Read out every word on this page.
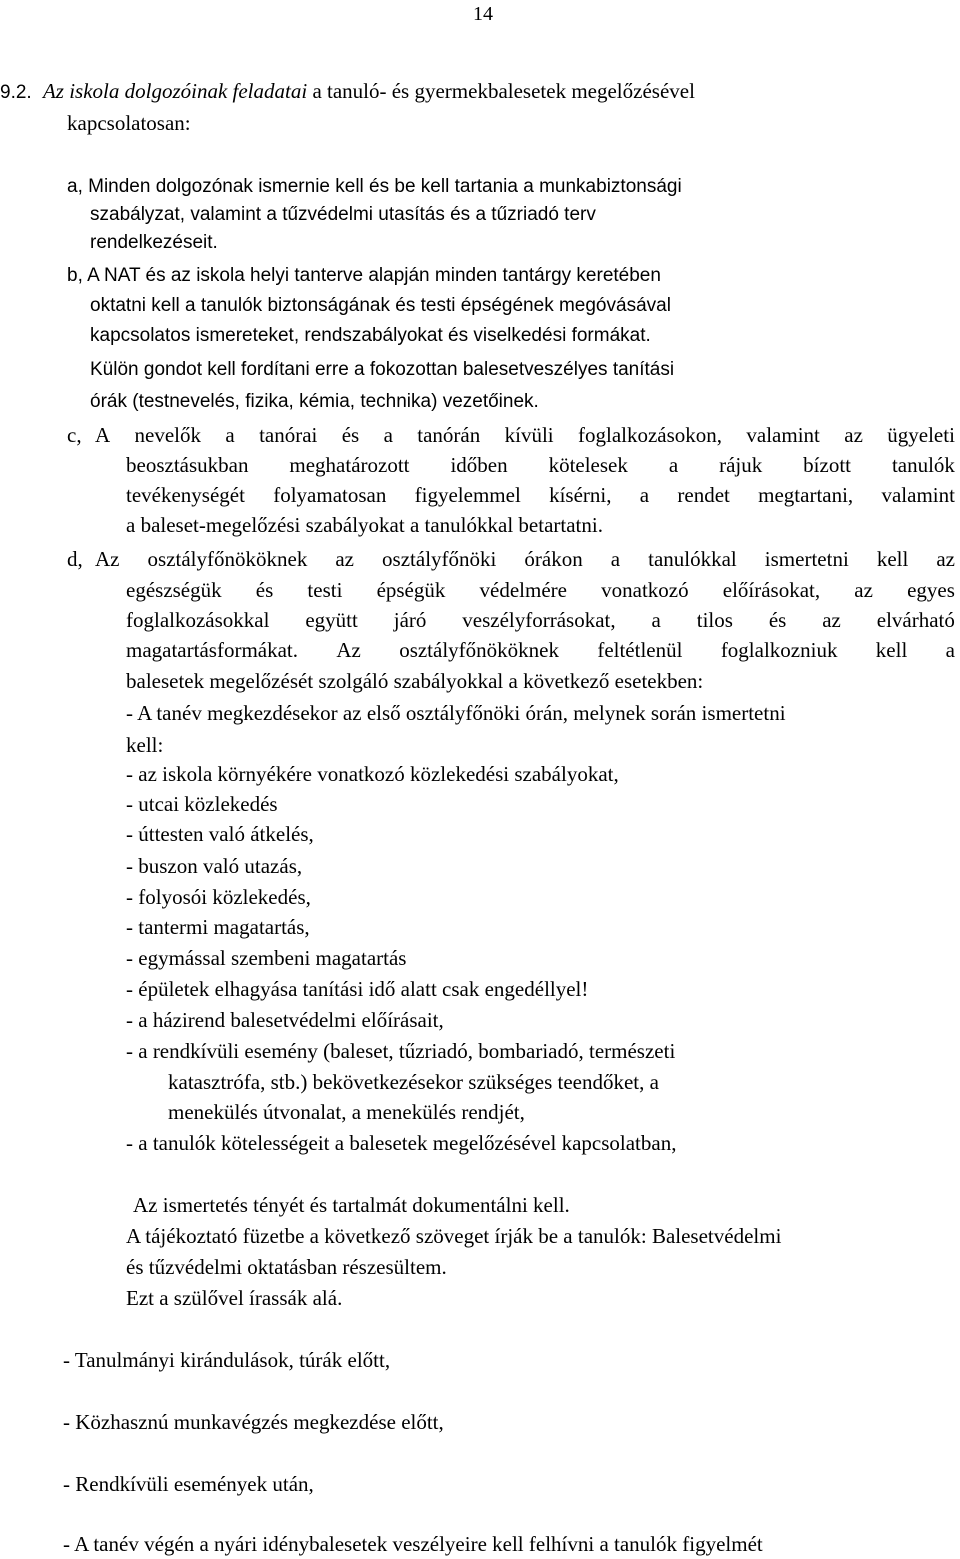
14
9.2. Az iskola dolgozóinak feladatai a tanuló- és gyermekbalesetek megelőzésével
kapcsolatosan:
a, Minden dolgozónak ismernie kell és be kell tartania a munkabiztonsági
szabályzat, valamint a tűzvédelmi utasítás és a tűzriadó terv
rendelkezéseit.
b, A NAT és az iskola helyi tanterve alapján minden tantárgy keretében
oktatni kell a tanulók biztonságának és testi épségének megóvásával
kapcsolatos ismereteket, rendszabályokat és viselkedési formákat.
Külön gondot kell fordítani erre a fokozottan balesetveszélyes tanítási
órák (testnevelés, fizika, kémia, technika) vezetőinek.
c, A nevelők a tanórai és a tanórán kívüli foglalkozásokon, valamint az ügyeleti
beosztásukban meghatározott időben kötelesek a rájuk bízott tanulók
tevékenységét folyamatosan figyelemmel kísérni, a rendet megtartani, valamint
a baleset-megelőzési szabályokat a tanulókkal betartatni.
d, Az osztályfőnököknek az osztályfőnöki órákon a tanulókkal ismertetni kell az
egészségük és testi épségük védelmére vonatkozó előírásokat, az egyes
foglalkozásokkal együtt járó veszélyforrásokat, a tilos és az elvárható
magatartásformákat. Az osztályfőnököknek feltétlenül foglalkozniuk kell a
balesetek megelőzését szolgáló szabályokkal a következő esetekben:
- A tanév megkezdésekor az első osztályfőnöki órán, melynek során ismertetni
kell:
- az iskola környékére vonatkozó közlekedési szabályokat,
- utcai közlekedés
- úttesten való átkelés,
- buszon való utazás,
- folyosói közlekedés,
- tantermi magatartás,
- egymással szembeni magatartás
- épületek elhagyása tanítási idő alatt csak engedéllyel!
- a házirend balesetvédelmi előírásait,
- a rendkívüli esemény (baleset, tűzriadó, bombariadó, természeti
katasztrófa, stb.) bekövetkezésekor szükséges teendőket, a
menekülés útvonalat, a menekülés rendjét,
- a tanulók kötelességeit a balesetek megelőzésével kapcsolatban,
Az ismertetés tényét és tartalmát dokumentálni kell.
A tájékoztató füzetbe a következő szöveget írják be a tanulók: Balesetvédelmi
és tűzvédelmi oktatásban részesültem.
Ezt a szülővel írassák alá.
- Tanulmányi kirándulások, túrák előtt,
- Közhasznú munkavégzés megkezdése előtt,
- Rendkívüli események után,
- A tanév végén a nyári idénybalesetek veszélyeire kell felhívni a tanulók figyelmét
